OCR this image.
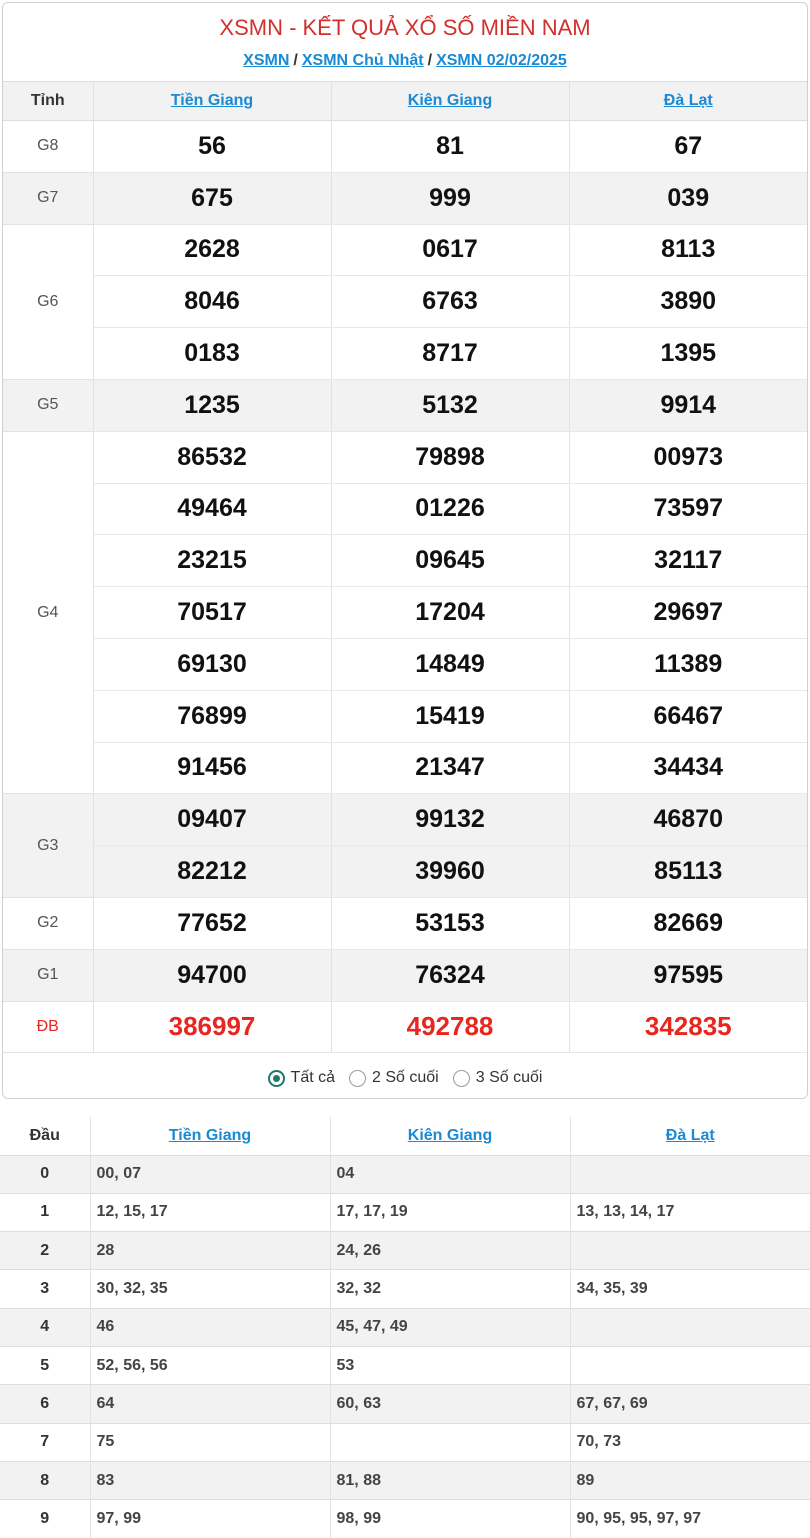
XSMN - KẾT QUẢ XỔ SỐ MIỀN NAM
XSMN / XSMN Chủ Nhật / XSMN 02/02/2025
Tỉnh	Tiền Giang	Kiên Giang	Đà Lạt
G8	56	81	67
G7	675	999	039
G6	2628	0617	8113
	8046	6763	3890
	0183	8717	1395
G5	1235	5132	9914
G4	86532	79898	00973
	49464	01226	73597
	23215	09645	32117
	70517	17204	29697
	69130	14849	11389
	76899	15419	66467
	91456	21347	34434
G3	09407	99132	46870
	82212	39960	85113
G2	77652	53153	82669
G1	94700	76324	97595
ĐB	386997	492788	342835
Tất cả 2 Số cuối 3 Số cuối
Đầu	Tiền Giang	Kiên Giang	Đà Lạt
0	00, 07	04	
1	12, 15, 17	17, 17, 19	13, 13, 14, 17
2	28	24, 26	
3	30, 32, 35	32, 32	34, 35, 39
4	46	45, 47, 49	
5	52, 56, 56	53	
6	64	60, 63	67, 67, 69
7	75		70, 73
8	83	81, 88	89
9	97, 99	98, 99	90, 95, 95, 97, 97
